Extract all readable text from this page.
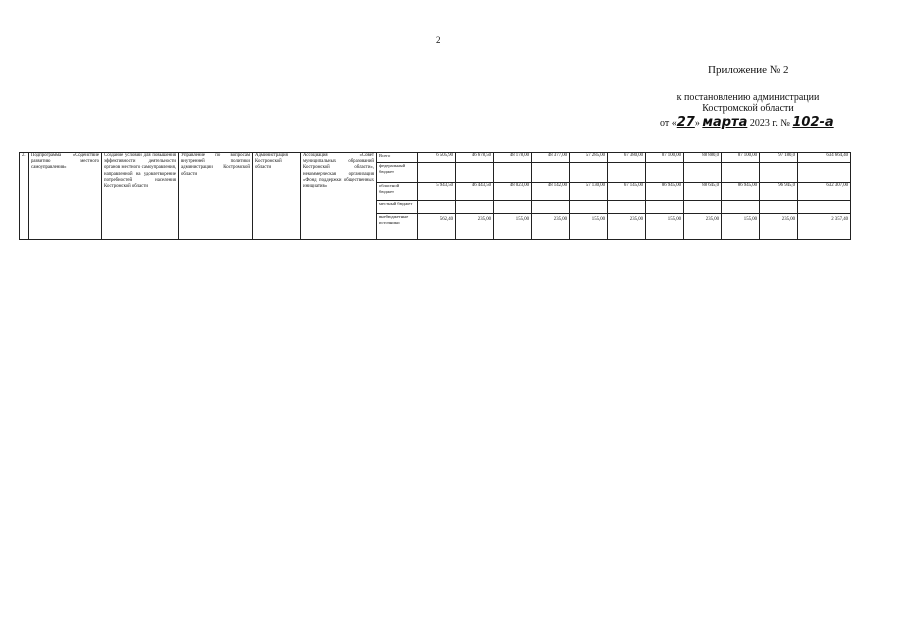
2
Приложение № 2
к постановлению администрации
Костромской области
от «27» марта 2023 г. № 102-а
2.	Подпрограмма «Содействие развитию местного самоуправления»	Создание условий для повышения эффективности деятельности органов местного самоуправления, направленной на удовлетворение потребностей населения Костромской области	Управление по вопросам внутренней политики администрации Костромской области	Администрация Костромской области	Ассоциация «Совет муниципальных образований Костромской области», некоммерческая организация «Фонд поддержки общественных инициатив»	Всего	6 505,90	46 678,50	48 178,00	48 377,00	57 285,00	67 380,00	87 100,00	88 880,0	87 100,00	97 180,0	634 664,40
						федеральный бюджет											
						областной бюджет	5 943,50	46 443,50	48 023,00	48 142,00	57 130,00	67 145,00	86 945,00	88 645,0	86 945,00	96 945,0	632 307,00
						местный бюджет											
						внебюджетные источники	562,40	235,00	155,00	235,00	155,00	235,00	155,00	235,00	155,00	235,00	2 357,40
